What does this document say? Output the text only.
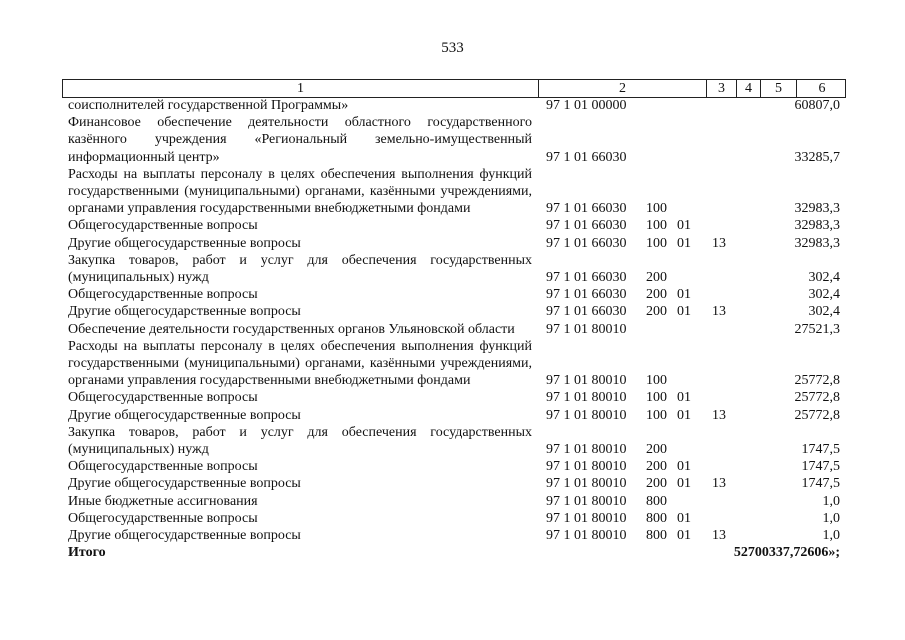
533
1	2	3	4	5	6
соисполнителей государственной Программы»	97 1 01 00000	60807,0
Финансовое обеспечение деятельности областного государственного казённого учреждения «Региональный земельно-имущественный информационный центр»	97 1 01 66030	33285,7
Расходы на выплаты персоналу в целях обеспечения выполнения функций государственными (муниципальными) органами, казёнными учреждениями, органами управления государственными внебюджетными фондами	97 1 01 66030	100	32983,3
Общегосударственные вопросы	97 1 01 66030	100 01	32983,3
Другие общегосударственные вопросы	97 1 01 66030	100 01	13	32983,3
Закупка товаров, работ и услуг для обеспечения государственных (муниципальных) нужд	97 1 01 66030	200	302,4
Общегосударственные вопросы	97 1 01 66030	200 01	302,4
Другие общегосударственные вопросы	97 1 01 66030	200 01	13	302,4
Обеспечение деятельности государственных органов Ульяновской области	97 1 01 80010	27521,3
Расходы на выплаты персоналу в целях обеспечения выполнения функций государственными (муниципальными) органами, казёнными учреждениями, органами управления государственными внебюджетными фондами	97 1 01 80010	100	25772,8
Общегосударственные вопросы	97 1 01 80010	100 01	25772,8
Другие общегосударственные вопросы	97 1 01 80010	100 01	13	25772,8
Закупка товаров, работ и услуг для обеспечения государственных (муниципальных) нужд	97 1 01 80010	200	1747,5
Общегосударственные вопросы	97 1 01 80010	200 01	1747,5
Другие общегосударственные вопросы	97 1 01 80010	200 01	13	1747,5
Иные бюджетные ассигнования	97 1 01 80010	800	1,0
Общегосударственные вопросы	97 1 01 80010	800 01	1,0
Другие общегосударственные вопросы	97 1 01 80010	800 01	13	1,0
Итого	52700337,72606»;
